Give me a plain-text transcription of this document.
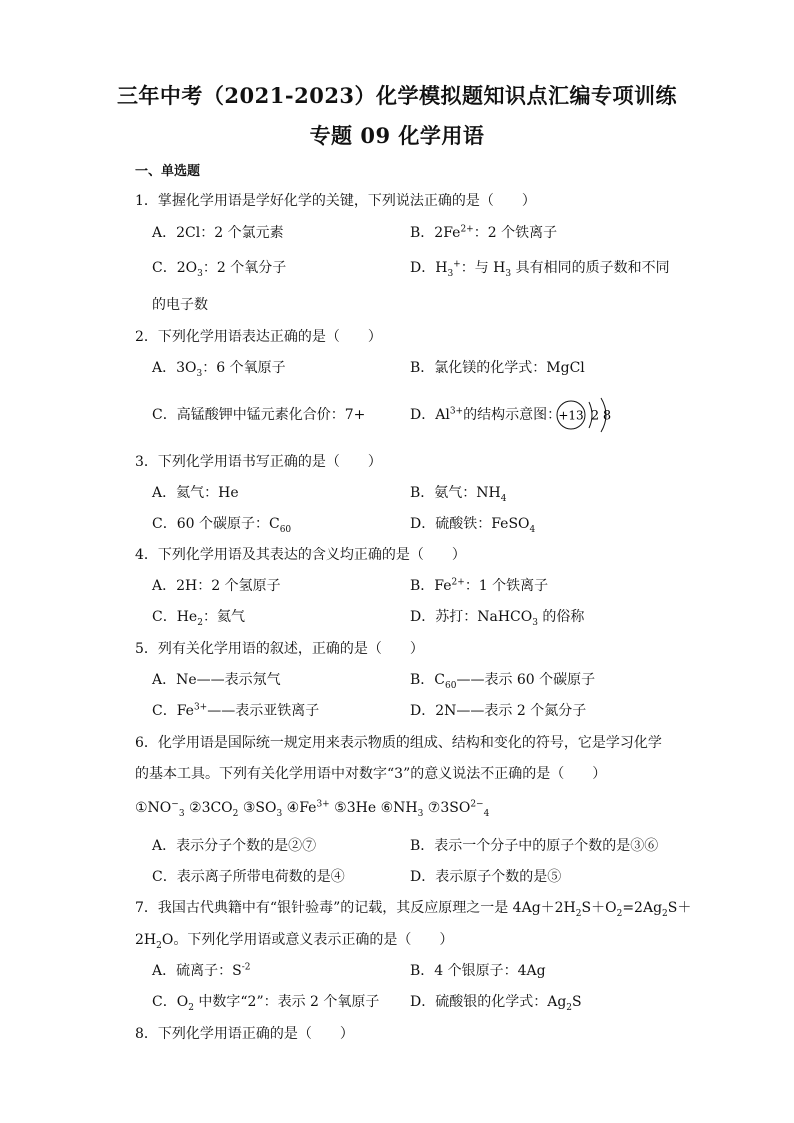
三年中考（2021-2023）化学模拟题知识点汇编专项训练
专题 09 化学用语
一、单选题
1．掌握化学用语是学好化学的关键，下列说法正确的是（　　）
A．2Cl：2 个氯元素	B．$2Fe^{2+}$：2 个铁离子
C．$2O_3$：2 个氧分子	D．$H_3^+$：与 $H_3$ 具有相同的质子数和不同
的电子数
2．下列化学用语表达正确的是（　　）
A．$3O_3$：6 个氧原子	B．氯化镁的化学式：MgCl
C．高锰酸钾中锰元素化合价：7+	D．$Al^{3+}$的结构示意图：
+13 2 8
3．下列化学用语书写正确的是（　　）
A．氦气：He	B．氨气：$NH_4$
C．60 个碳原子：$C_{60}$	D．硫酸铁：FeSO$_4$
4．下列化学用语及其表达的含义均正确的是（　　）
A．2H：2 个氢原子	B．$Fe^{2+}$：1 个铁离子
C．$He_2$：氦气	D．苏打：NaHCO$_3$ 的俗称
5．列有关化学用语的叙述，正确的是（　　）
A．Ne——表示氖气	B．$C_{60}——$表示 60 个碳原子
C．$Fe^{3+}——$表示亚铁离子	D．2N——表示 2 个氮分子
6．化学用语是国际统一规定用来表示物质的组成、结构和变化的符号，它是学习化学
的基本工具。下列有关化学用语中对数字“3”的意义说法不正确的是（　　）
$①NO^-_3$ $②3CO_2$ $③SO_3$ $④Fe^{3+}$ ⑤3He $⑥NH_3$ $⑦3SO^{2-}_4$
A．表示分子个数的是②⑦	B．表示一个分子中的原子个数的是③⑥
C．表示离子所带电荷数的是④	D．表示原子个数的是⑤
7．我国古代典籍中有“银针验毒”的记载，其反应原理之一是 $4Ag+2H_2S+O_2=2Ag_2S+$
$2H_2O$。下列化学用语或意义表示正确的是（　　）
A．硫离子：$S^{-2}$	B．4 个银原子：4Ag
C．$O_2$ 中数字“2”：表示 2 个氧原子 D．硫酸银的化学式：$Ag_2S$
8．下列化学用语正确的是（　　）
